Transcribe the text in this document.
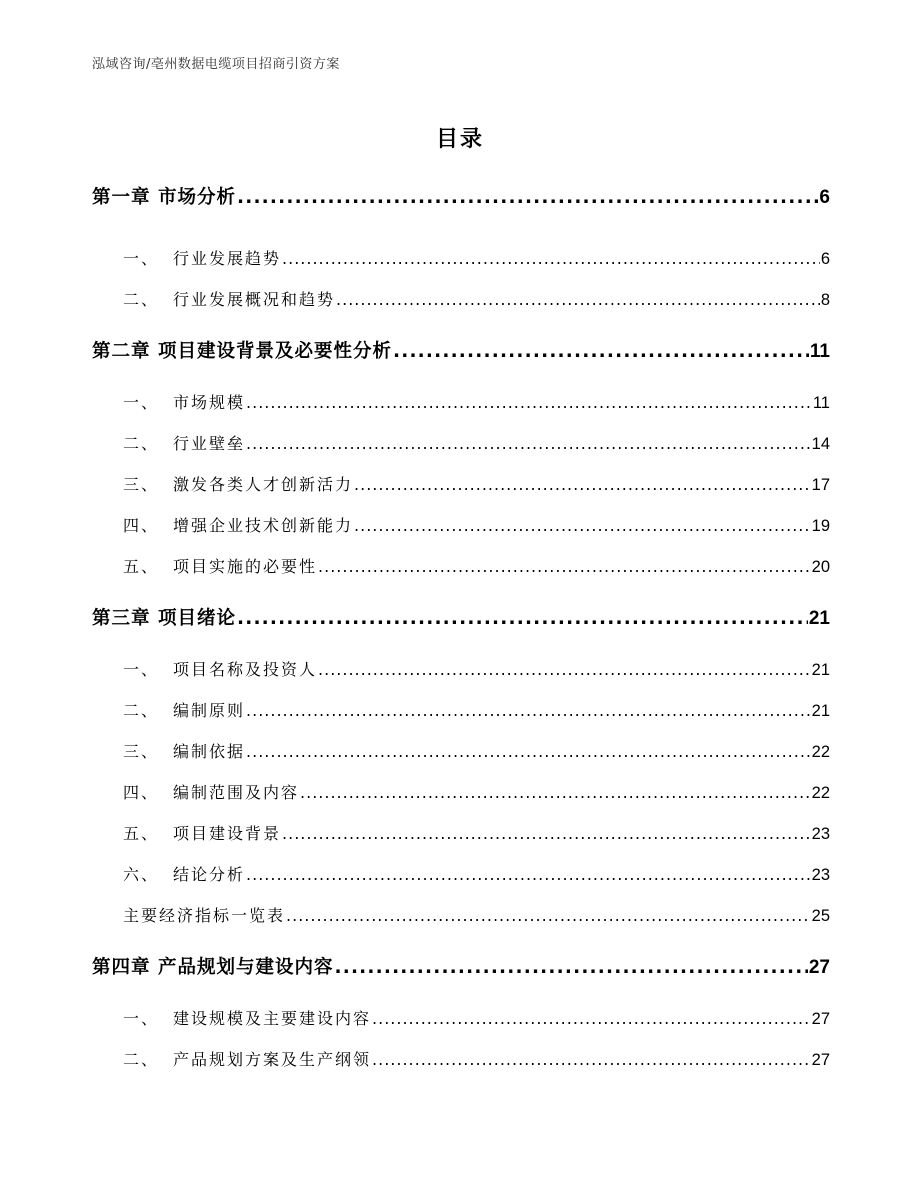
泓域咨询/亳州数据电缆项目招商引资方案
目录
第一章 市场分析 .....	6
一、 行业发展趋势 .....	6
二、 行业发展概况和趋势 .....	8
第二章 项目建设背景及必要性分析 .....	11
一、 市场规模 .....	11
二、 行业壁垒 .....	14
三、 激发各类人才创新活力 .....	17
四、 增强企业技术创新能力 .....	19
五、 项目实施的必要性 .....	20
第三章 项目绪论 .....	21
一、 项目名称及投资人 .....	21
二、 编制原则 .....	21
三、 编制依据 .....	22
四、 编制范围及内容 .....	22
五、 项目建设背景 .....	23
六、 结论分析 .....	23
主要经济指标一览表 .....	25
第四章 产品规划与建设内容 .....	27
一、 建设规模及主要建设内容 .....	27
二、 产品规划方案及生产纲领 .....	27
